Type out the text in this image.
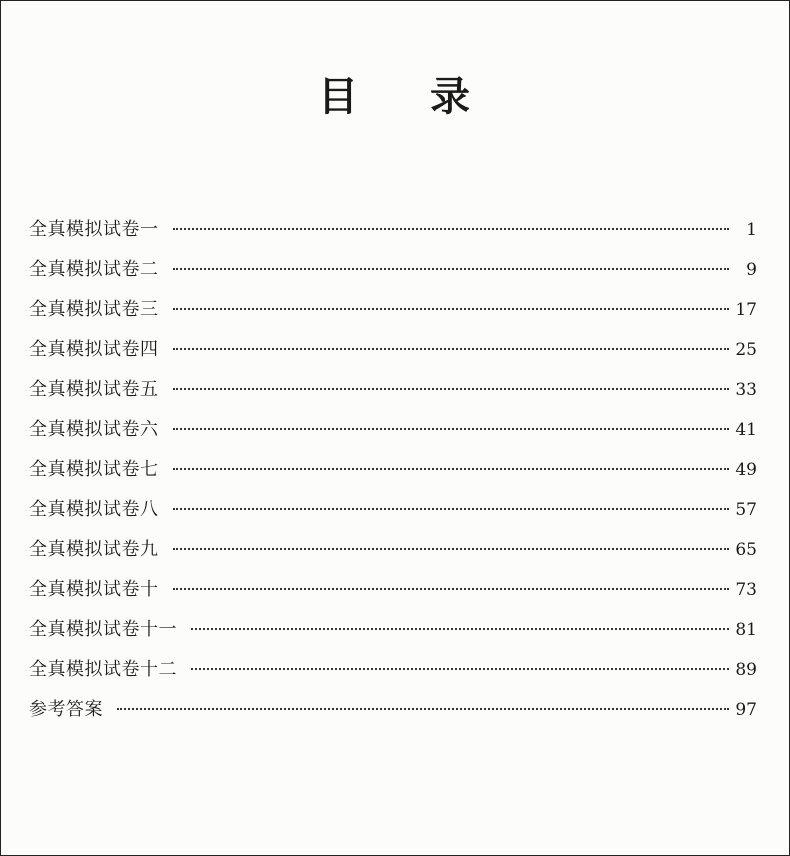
目 录
全真模拟试卷一	1
全真模拟试卷二	9
全真模拟试卷三	17
全真模拟试卷四	25
全真模拟试卷五	33
全真模拟试卷六	41
全真模拟试卷七	49
全真模拟试卷八	57
全真模拟试卷九	65
全真模拟试卷十	73
全真模拟试卷十一	81
全真模拟试卷十二	89
参考答案	97
